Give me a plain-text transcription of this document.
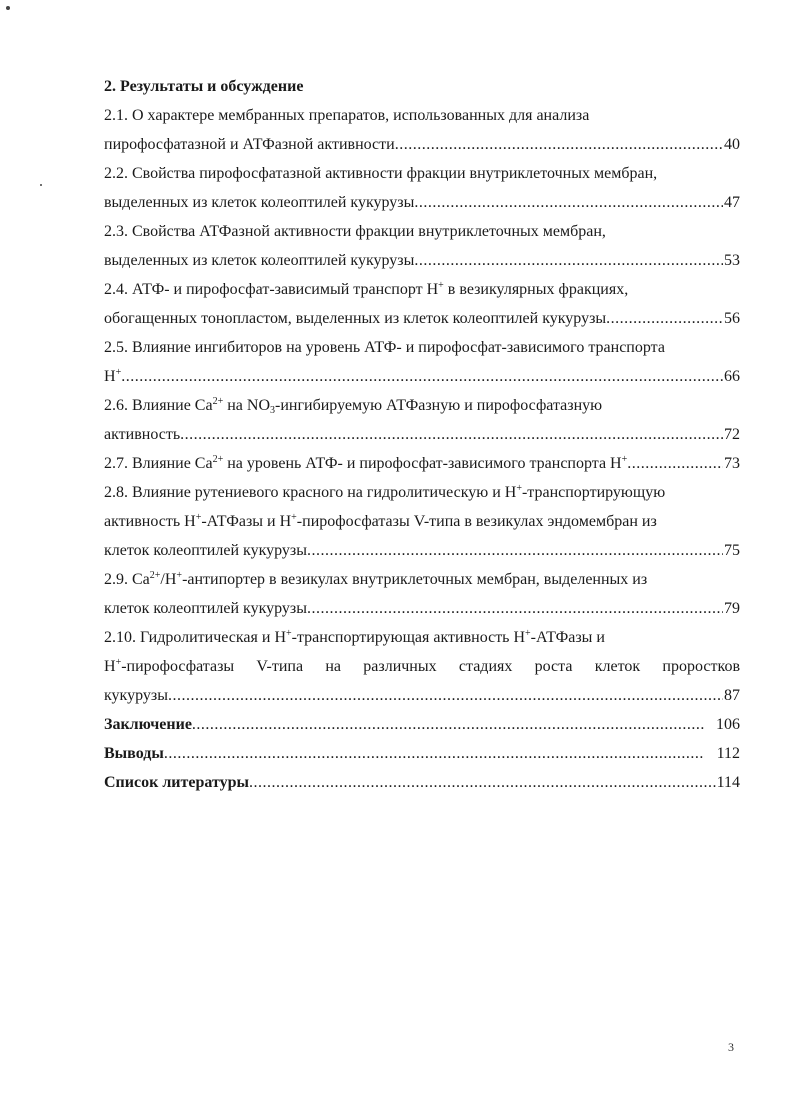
2. Результаты и обсуждение
2.1. О характере мембранных препаратов, использованных для анализа
пирофосфатазной и АТФазной активности .....	40
2.2. Свойства пирофосфатазной активности фракции внутриклеточных мембран,
выделенных из клеток колеоптилей кукурузы .....	47
2.3. Свойства АТФазной активности фракции внутриклеточных мембран,
выделенных из клеток колеоптилей кукурузы .....	53
2.4. АТФ- и пирофосфат-зависимый транспорт H+ в везикулярных фракциях,
обогащенных тонопластом, выделенных из клеток колеоптилей кукурузы .....	56
2.5. Влияние ингибиторов на уровень АТФ- и пирофосфат-зависимого транспорта
H+ .....	66
2.6. Влияние $Ca^{2+}$ на $NO_3$-ингибируемую АТФазную и пирофосфатазную
активность .....	72
2.7. Влияние $Ca^{2+}$ на уровень АТФ- и пирофосфат-зависимого транспорта H+ .....	73
2.8. Влияние рутениевого красного на гидролитическую и H+-транспортирующую
активность H+-АТФазы и H+-пирофосфатазы V-типа в везикулах эндомембран из
клеток колеоптилей кукурузы .....	75
2.9. $Ca^{2+}/H^+$-антипортер в везикулах внутриклеточных мембран, выделенных из
клеток колеоптилей кукурузы .....	79
2.10. Гидролитическая и H+-транспортирующая активность H+-АТФазы и
H+-пирофосфатазы V-типа на различных стадиях роста клеток проростков
кукурузы .....	87
Заключение .....	106
Выводы .....	112
Список литературы .....	114
3
